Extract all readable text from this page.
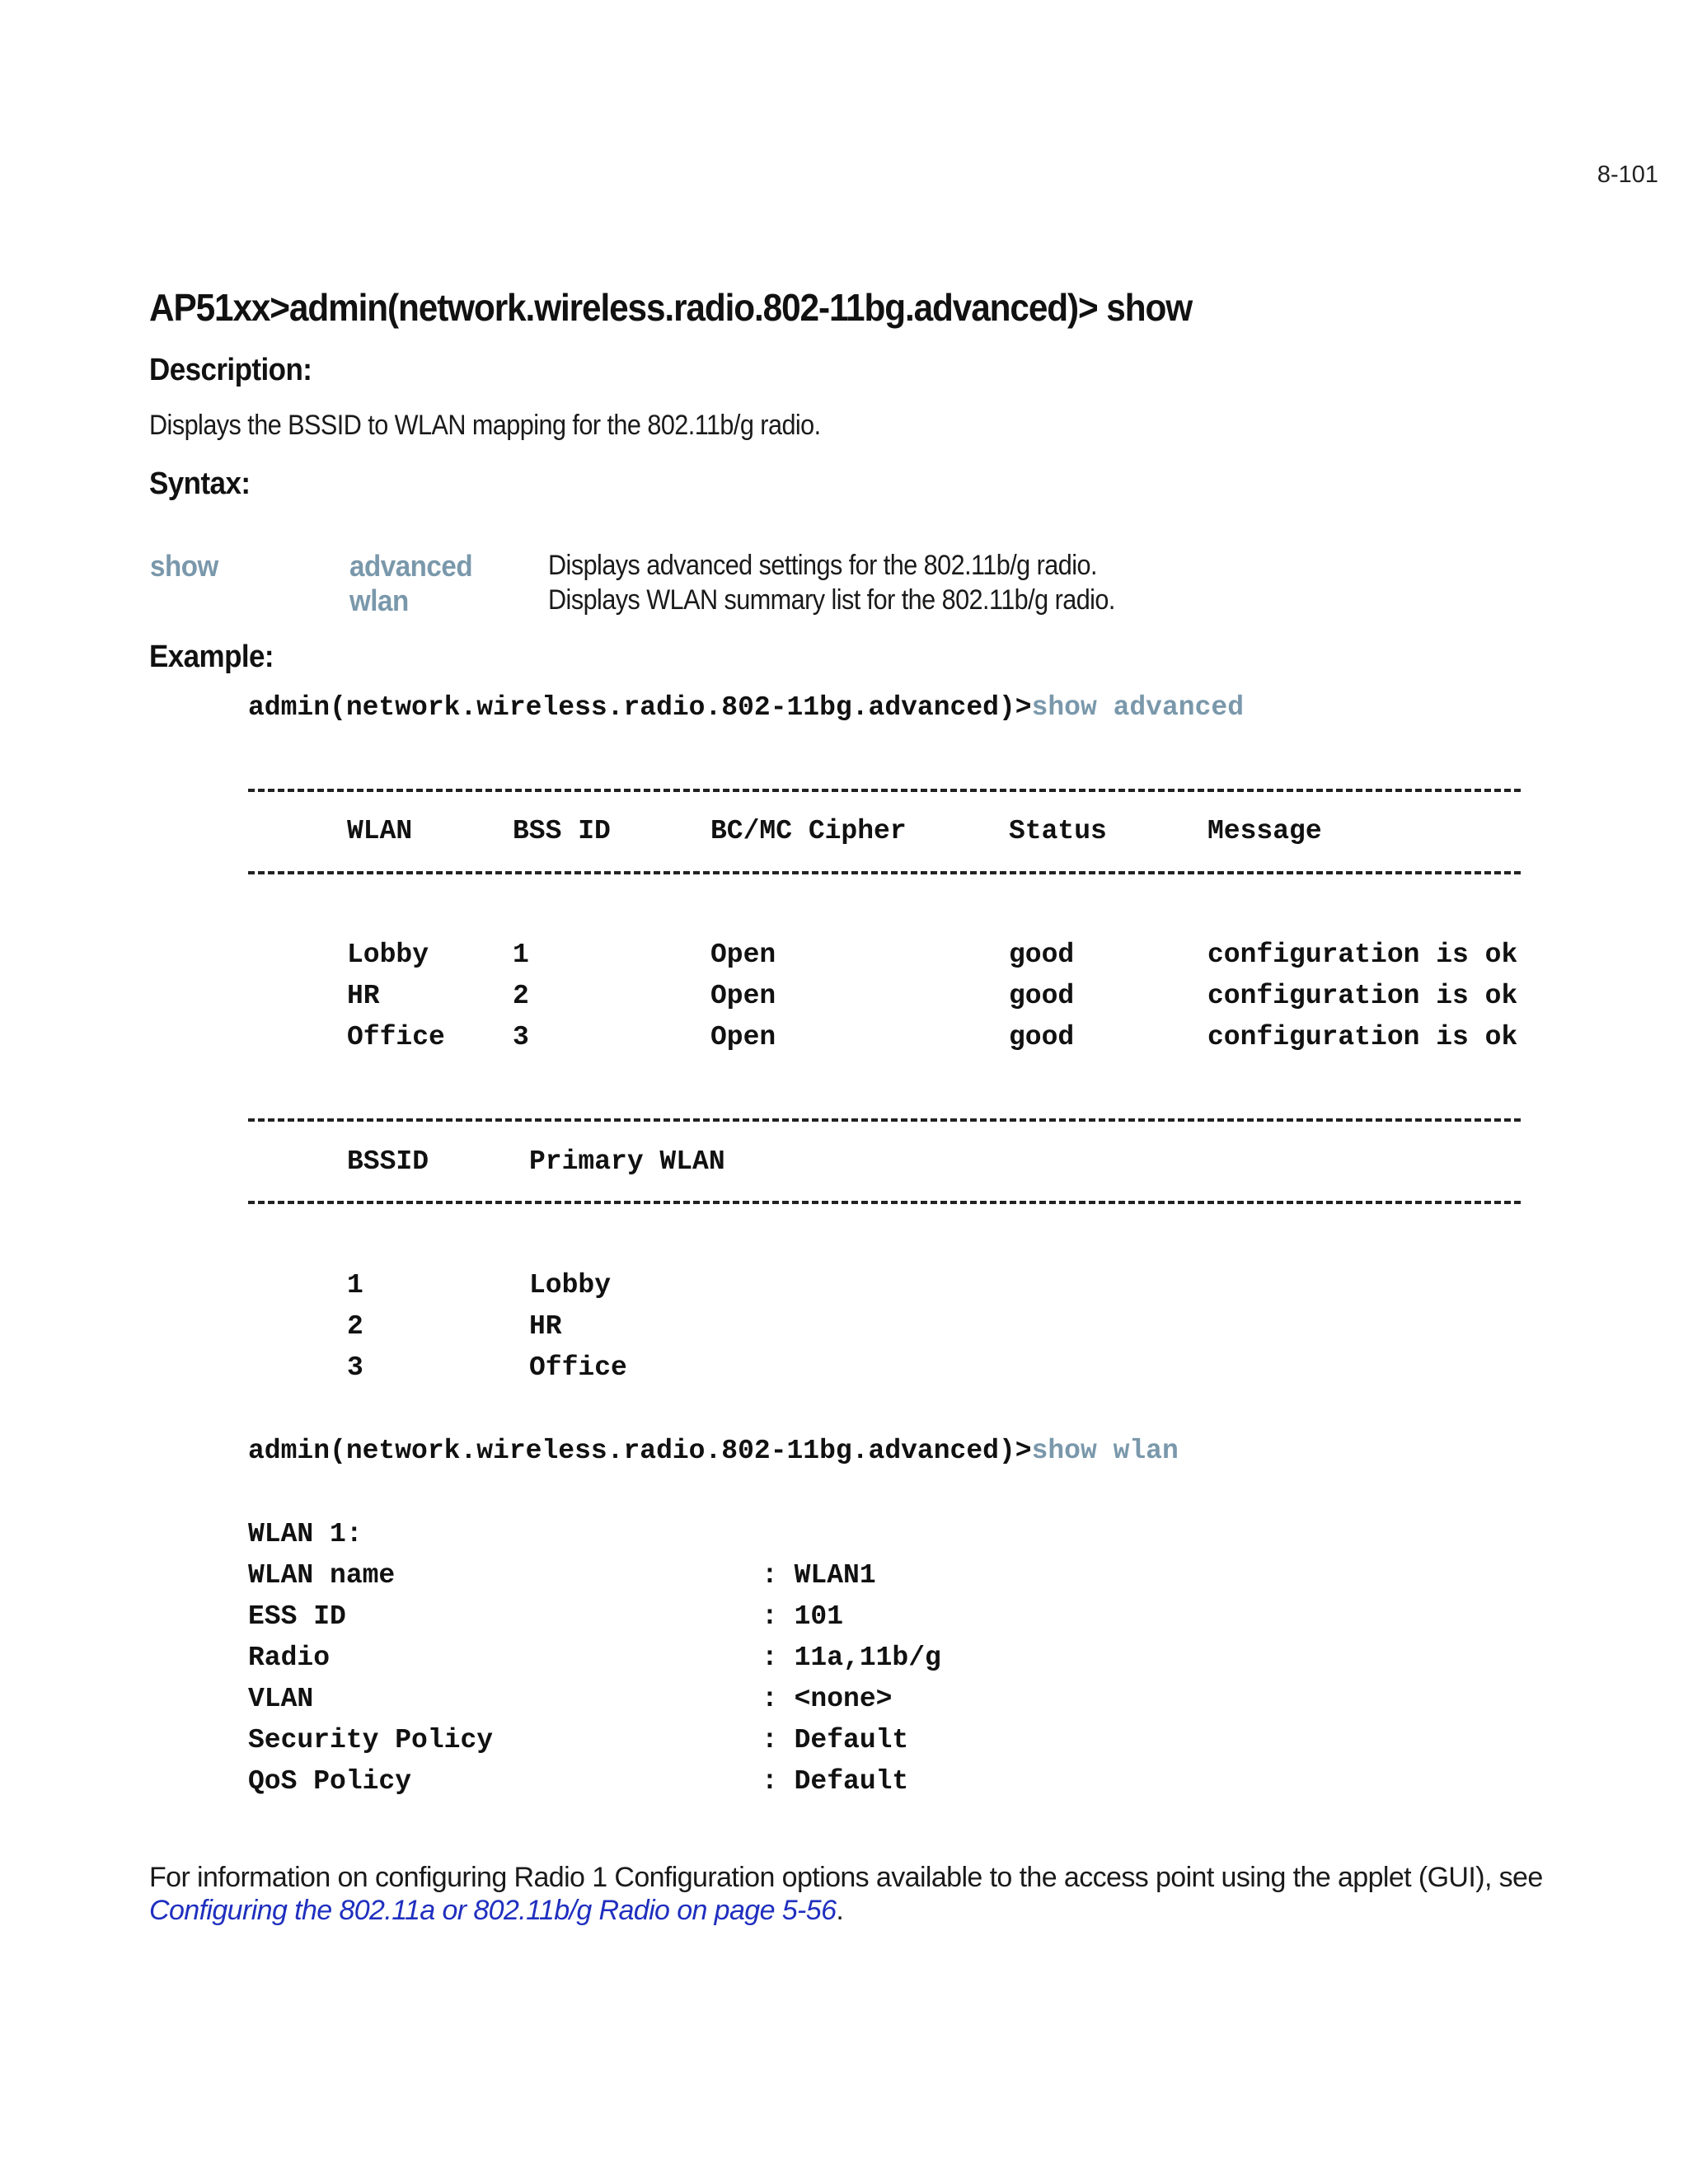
8-101
AP51xx>admin(network.wireless.radio.802-11bg.advanced)> show
Description:
Displays the BSSID to WLAN mapping for the 802.11b/g radio.
Syntax:
show	advanced	Displays advanced settings for the 802.11b/g radio.
wlan	Displays WLAN summary list for the 802.11b/g radio.
Example:
admin(network.wireless.radio.802-11bg.advanced)>show advanced
WLAN	BSS ID	BC/MC Cipher	Status	Message
Lobby	1	Open	good	configuration is ok
HR	2	Open	good	configuration is ok
Office 3	Open	good	configuration is ok
BSSID	Primary WLAN
1	Lobby
2	HR
3	Office
admin(network.wireless.radio.802-11bg.advanced)>show wlan
WLAN 1:
WLAN name	: WLAN1
ESS ID	: 101
Radio	: 11a,11b/g
VLAN	: <none>
Security Policy	: Default
QoS Policy	: Default
For information on configuring Radio 1 Configuration options available to the access point using the applet (GUI), see Configuring the 802.11a or 802.11b/g Radio on page 5-56.
